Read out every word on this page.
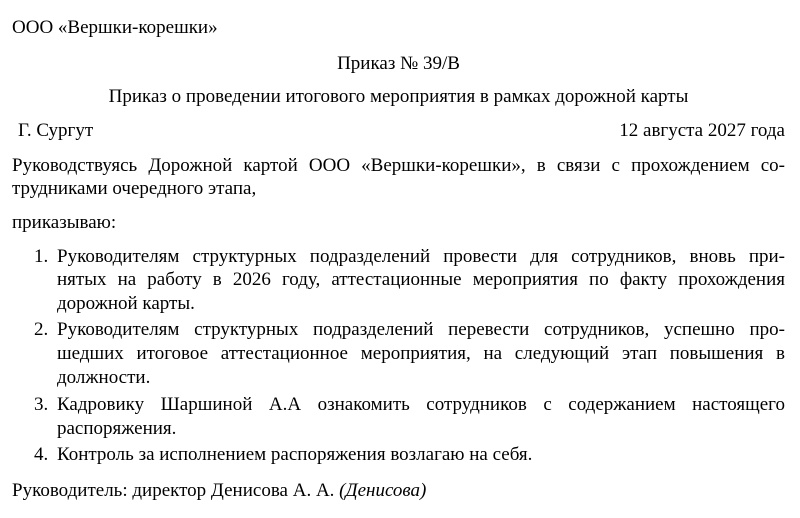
ООО «Вершки-корешки»
Приказ № 39/В
Приказ о проведении итогового мероприятия в рамках дорожной карты
Г. Сургут	12 августа 2027 года
Руководствуясь Дорожной картой ООО «Вершки-корешки», в связи с прохождением со-
трудниками очередного этапа,
приказываю:
1. Руководителям структурных подразделений провести для сотрудников, вновь при-
нятых на работу в 2026 году, аттестационные мероприятия по факту прохождения
дорожной карты.
2. Руководителям структурных подразделений перевести сотрудников, успешно про-
шедших итоговое аттестационное мероприятия, на следующий этап повышения в
должности.
3. Кадровику Шаршиной А.А ознакомить сотрудников с содержанием настоящего
распоряжения.
4. Контроль за исполнением распоряжения возлагаю на себя.
Руководитель: директор Денисова А. А. (Денисова)
